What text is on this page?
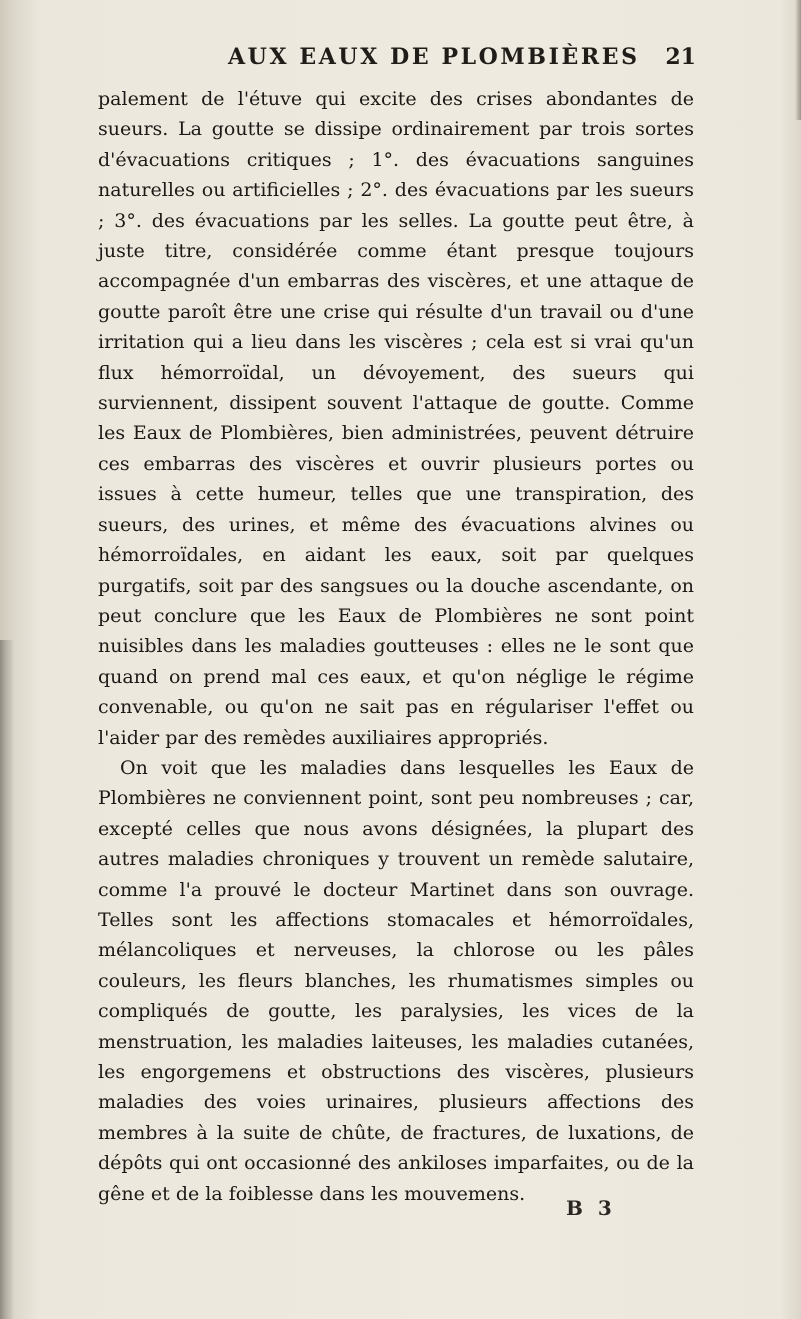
AUX EAUX DE PLOMBIÈRES 21

palement de l'étuve qui excite des crises abondantes de sueurs. La goutte se dissipe ordinairement par trois sortes d'évacuations critiques ; 1°. des évacuations sanguines naturelles ou artificielles ; 2°. des évacuations par les sueurs ; 3°. des évacuations par les selles. La goutte peut être, à juste titre, considérée comme étant presque toujours accompagnée d'un embarras des viscères, et une attaque de goutte paroît être une crise qui résulte d'un travail ou d'une irritation qui a lieu dans les viscères ; cela est si vrai qu'un flux hémorroïdal, un dévoyement, des sueurs qui surviennent, dissipent souvent l'attaque de goutte. Comme les Eaux de Plombières, bien administrées, peuvent détruire ces embarras des viscères et ouvrir plusieurs portes ou issues à cette humeur, telles que une transpiration, des sueurs, des urines, et même des évacuations alvines ou hémorroïdales, en aidant les eaux, soit par quelques purgatifs, soit par des sangsues ou la douche ascendante, on peut conclure que les Eaux de Plombières ne sont point nuisibles dans les maladies goutteuses : elles ne le sont que quand on prend mal ces eaux, et qu'on néglige le régime convenable, ou qu'on ne sait pas en régulariser l'effet ou l'aider par des remèdes auxiliaires appropriés.

On voit que les maladies dans lesquelles les Eaux de Plombières ne conviennent point, sont peu nombreuses ; car, excepté celles que nous avons désignées, la plupart des autres maladies chroniques y trouvent un remède salutaire, comme l'a prouvé le docteur Martinet dans son ouvrage. Telles sont les affections stomacales et hémorroïdales, mélancoliques et nerveuses, la chlorose ou les pâles couleurs, les fleurs blanches, les rhumatismes simples ou compliqués de goutte, les paralysies, les vices de la menstruation, les maladies laiteuses, les maladies cutanées, les engorgemens et obstructions des viscères, plusieurs maladies des voies urinaires, plusieurs affections des membres à la suite de chûte, de fractures, de luxations, de dépôts qui ont occasionné des ankiloses imparfaites, ou de la gêne et de la foiblesse dans les mouvemens.

B 3
